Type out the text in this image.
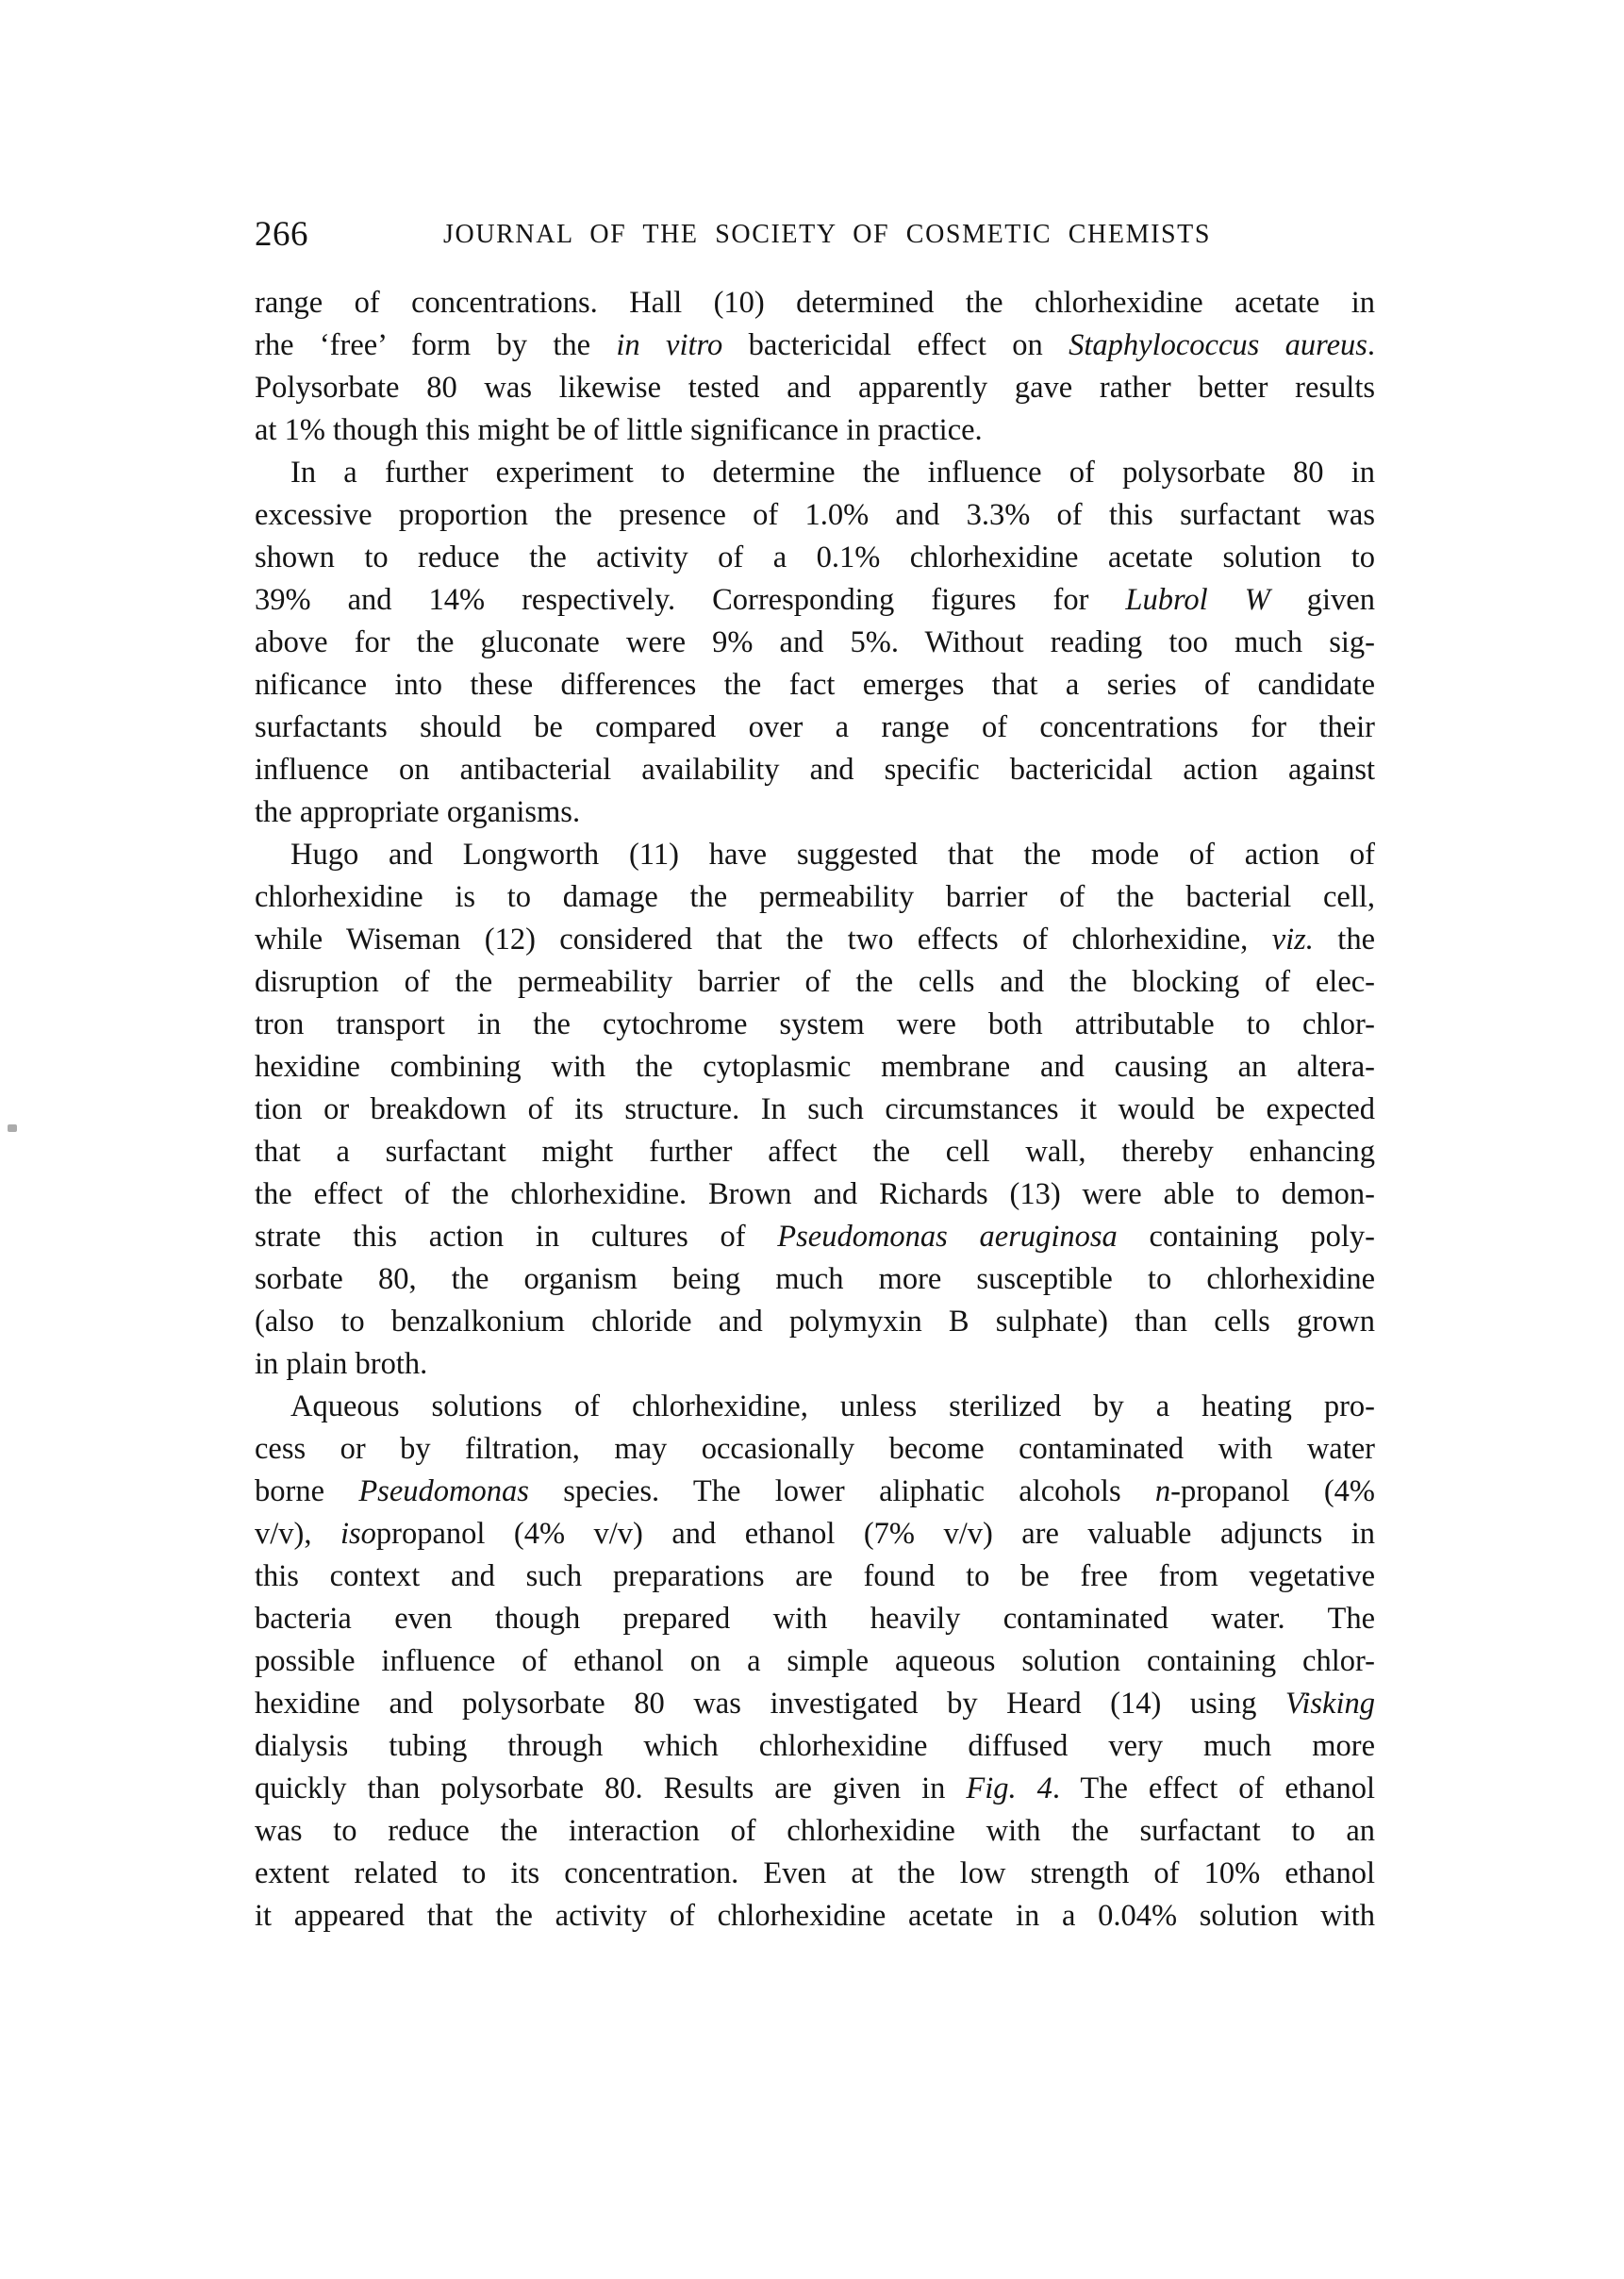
266	JOURNAL OF THE SOCIETY OF COSMETIC CHEMISTS
range of concentrations. Hall (10) determined the chlorhexidine acetate in
rhe ‘free’ form by the in vitro bactericidal effect on Staphylococcus aureus.
Polysorbate 80 was likewise tested and apparently gave rather better results
at 1% though this might be of little significance in practice.
In a further experiment to determine the influence of polysorbate 80 in
excessive proportion the presence of 1.0% and 3.3% of this surfactant was
shown to reduce the activity of a 0.1% chlorhexidine acetate solution to
39% and 14% respectively. Corresponding figures for Lubrol W given
above for the gluconate were 9% and 5%. Without reading too much sig-
nificance into these differences the fact emerges that a series of candidate
surfactants should be compared over a range of concentrations for their
influence on antibacterial availability and specific bactericidal action against
the appropriate organisms.
Hugo and Longworth (11) have suggested that the mode of action of
chlorhexidine is to damage the permeability barrier of the bacterial cell,
while Wiseman (12) considered that the two effects of chlorhexidine, viz. the
disruption of the permeability barrier of the cells and the blocking of elec-
tron transport in the cytochrome system were both attributable to chlor-
hexidine combining with the cytoplasmic membrane and causing an altera-
tion or breakdown of its structure. In such circumstances it would be expected
that a surfactant might further affect the cell wall, thereby enhancing
the effect of the chlorhexidine. Brown and Richards (13) were able to demon-
strate this action in cultures of Pseudomonas aeruginosa containing poly-
sorbate 80, the organism being much more susceptible to chlorhexidine
(also to benzalkonium chloride and polymyxin B sulphate) than cells grown
in plain broth.
Aqueous solutions of chlorhexidine, unless sterilized by a heating pro-
cess or by filtration, may occasionally become contaminated with water
borne Pseudomonas species. The lower aliphatic alcohols n-propanol (4%
v/v), isopropanol (4% v/v) and ethanol (7% v/v) are valuable adjuncts in
this context and such preparations are found to be free from vegetative
bacteria even though prepared with heavily contaminated water. The
possible influence of ethanol on a simple aqueous solution containing chlor-
hexidine and polysorbate 80 was investigated by Heard (14) using Visking
dialysis tubing through which chlorhexidine diffused very much more
quickly than polysorbate 80. Results are given in Fig. 4. The effect of ethanol
was to reduce the interaction of chlorhexidine with the surfactant to an
extent related to its concentration. Even at the low strength of 10% ethanol
it appeared that the activity of chlorhexidine acetate in a 0.04% solution with
